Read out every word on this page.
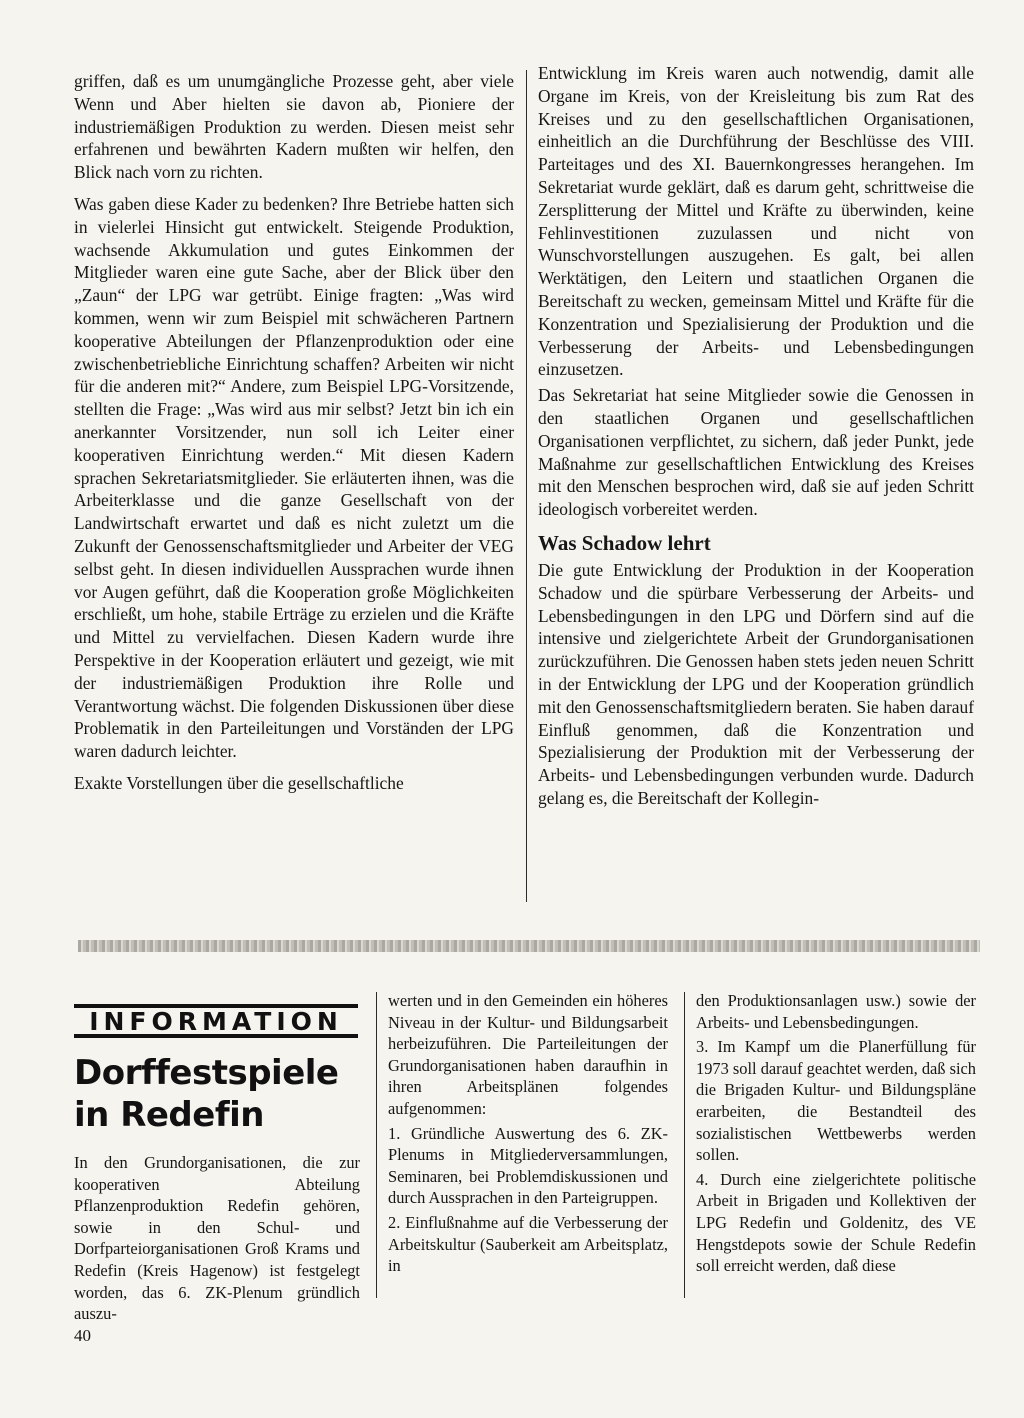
griffen, daß es um unumgängliche Prozesse geht, aber viele Wenn und Aber hielten sie davon ab, Pioniere der industriemäßigen Produktion zu werden. Diesen meist sehr erfahrenen und bewährten Kadern mußten wir helfen, den Blick nach vorn zu richten.

Was gaben diese Kader zu bedenken? Ihre Betriebe hatten sich in vielerlei Hinsicht gut entwickelt. Steigende Produktion, wachsende Akkumulation und gutes Einkommen der Mitglieder waren eine gute Sache, aber der Blick über den „Zaun“ der LPG war getrübt. Einige fragten: „Was wird kommen, wenn wir zum Beispiel mit schwächeren Partnern kooperative Abteilungen der Pflanzenproduktion oder eine zwischenbetriebliche Einrichtung schaffen? Arbeiten wir nicht für die anderen mit?“ Andere, zum Beispiel LPG-Vorsitzende, stellten die Frage: „Was wird aus mir selbst? Jetzt bin ich ein anerkannter Vorsitzender, nun soll ich Leiter einer kooperativen Einrichtung werden.“ Mit diesen Kadern sprachen Sekretariatsmitglieder. Sie erläuterten ihnen, was die Arbeiterklasse und die ganze Gesellschaft von der Landwirtschaft erwartet und daß es nicht zuletzt um die Zukunft der Genossenschaftsmitglieder und Arbeiter der VEG selbst geht. In diesen individuellen Aussprachen wurde ihnen vor Augen geführt, daß die Kooperation große Möglichkeiten erschließt, um hohe, stabile Erträge zu erzielen und die Kräfte und Mittel zu vervielfachen. Diesen Kadern wurde ihre Perspektive in der Kooperation erläutert und gezeigt, wie mit der industriemäßigen Produktion ihre Rolle und Verantwortung wächst. Die folgenden Diskussionen über diese Problematik in den Parteileitungen und Vorständen der LPG waren dadurch leichter.

Exakte Vorstellungen über die gesellschaftliche

Entwicklung im Kreis waren auch notwendig, damit alle Organe im Kreis, von der Kreisleitung bis zum Rat des Kreises und zu den gesellschaftlichen Organisationen, einheitlich an die Durchführung der Beschlüsse des VIII. Parteitages und des XI. Bauernkongresses herangehen. Im Sekretariat wurde geklärt, daß es darum geht, schrittweise die Zersplitterung der Mittel und Kräfte zu überwinden, keine Fehlinvestitionen zuzulassen und nicht von Wunschvorstellungen auszugehen. Es galt, bei allen Werktätigen, den Leitern und staatlichen Organen die Bereitschaft zu wecken, gemeinsam Mittel und Kräfte für die Konzentration und Spezialisierung der Produktion und die Verbesserung der Arbeits- und Lebensbedingungen einzusetzen.

Das Sekretariat hat seine Mitglieder sowie die Genossen in den staatlichen Organen und gesellschaftlichen Organisationen verpflichtet, zu sichern, daß jeder Punkt, jede Maßnahme zur gesellschaftlichen Entwicklung des Kreises mit den Menschen besprochen wird, daß sie auf jeden Schritt ideologisch vorbereitet werden.

Was Schadow lehrt

Die gute Entwicklung der Produktion in der Kooperation Schadow und die spürbare Verbesserung der Arbeits- und Lebensbedingungen in den LPG und Dörfern sind auf die intensive und zielgerichtete Arbeit der Grundorganisationen zurückzuführen. Die Genossen haben stets jeden neuen Schritt in der Entwicklung der LPG und der Kooperation gründlich mit den Genossenschaftsmitgliedern beraten. Sie haben darauf Einfluß genommen, daß die Konzentration und Spezialisierung der Produktion mit der Verbesserung der Arbeits- und Lebensbedingungen verbunden wurde. Dadurch gelang es, die Bereitschaft der Kollegin-

INFORMATION
Dorffestspiele
in Redefin

In den Grundorganisationen, die zur kooperativen Abteilung Pflanzenproduktion Redefin gehören, sowie in den Schul- und Dorfparteiorganisationen Groß Krams und Redefin (Kreis Hagenow) ist festgelegt worden, das 6. ZK-Plenum gründlich auszu-

werten und in den Gemeinden ein höheres Niveau in der Kultur- und Bildungsarbeit herbeizuführen. Die Parteileitungen der Grundorganisationen haben daraufhin in ihren Arbeitsplänen folgendes aufgenommen:

1. Gründliche Auswertung des 6. ZK-Plenums in Mitgliederversammlungen, Seminaren, bei Problemdiskussionen und durch Aussprachen in den Parteigruppen.

2. Einflußnahme auf die Verbesserung der Arbeitskultur (Sauberkeit am Arbeitsplatz, in

den Produktionsanlagen usw.) sowie der Arbeits- und Lebensbedingungen.

3. Im Kampf um die Planerfüllung für 1973 soll darauf geachtet werden, daß sich die Brigaden Kultur- und Bildungspläne erarbeiten, die Bestandteil des sozialistischen Wettbewerbs werden sollen.

4. Durch eine zielgerichtete politische Arbeit in Brigaden und Kollektiven der LPG Redefin und Goldenitz, des VE Hengstdepots sowie der Schule Redefin soll erreicht werden, daß diese

40
